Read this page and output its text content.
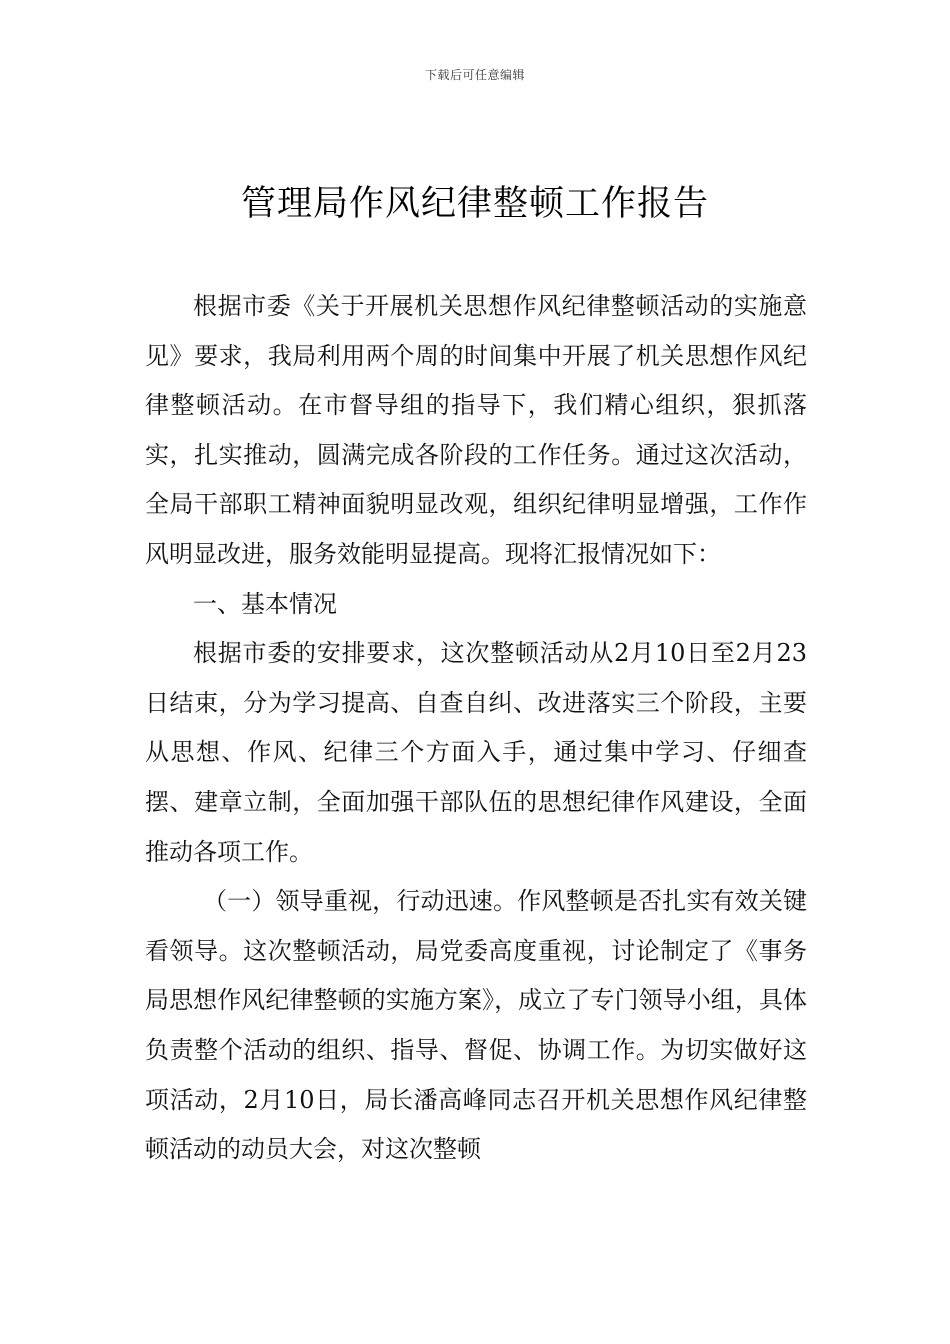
下载后可任意编辑
管理局作风纪律整顿工作报告

根据市委《关于开展机关思想作风纪律整顿活动的实施意见》要求，我局利用两个周的时间集中开展了机关思想作风纪律整顿活动。在市督导组的指导下，我们精心组织，狠抓落实，扎实推动，圆满完成各阶段的工作任务。通过这次活动，全局干部职工精神面貌明显改观，组织纪律明显增强，工作作风明显改进，服务效能明显提高。现将汇报情况如下：

一、基本情况

根据市委的安排要求，这次整顿活动从2月10日至2月23日结束，分为学习提高、自查自纠、改进落实三个阶段，主要从思想、作风、纪律三个方面入手，通过集中学习、仔细查摆、建章立制，全面加强干部队伍的思想纪律作风建设，全面推动各项工作。

（一）领导重视，行动迅速。作风整顿是否扎实有效关键看领导。这次整顿活动，局党委高度重视，讨论制定了《事务局思想作风纪律整顿的实施方案》，成立了专门领导小组，具体负责整个活动的组织、指导、督促、协调工作。为切实做好这项活动，2月10日，局长潘高峰同志召开机关思想作风纪律整顿活动的动员大会，对这次整顿
